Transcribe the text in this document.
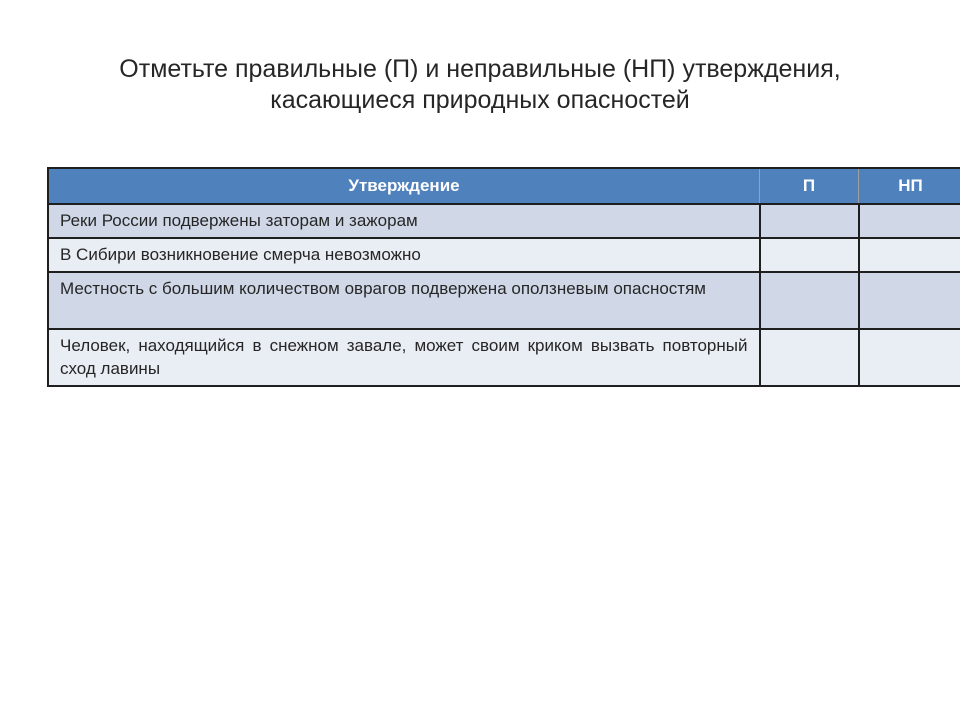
Отметьте правильные (П) и неправильные (НП) утверждения,
касающиеся природных опасностей
Утверждение	П	НП
Реки России подвержены заторам и зажорам		
В Сибири возникновение смерча невозможно		
Местность с большим количеством оврагов подвержена оползневым опасностям		
Человек, находящийся в снежном завале, может своим криком вызвать повторный сход лавины		
